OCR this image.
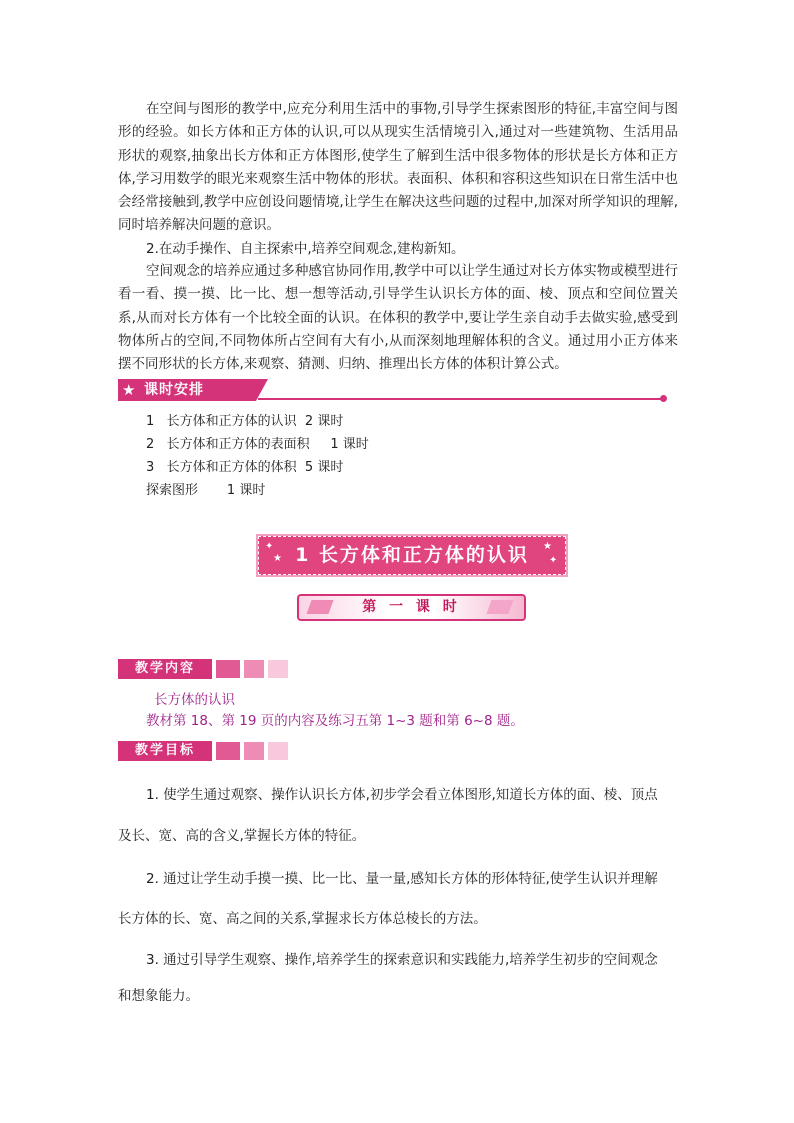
在空间与图形的教学中,应充分利用生活中的事物,引导学生探索图形的特征,丰富空间与图形的经验。如长方体和正方体的认识,可以从现实生活情境引入,通过对一些建筑物、生活用品形状的观察,抽象出长方体和正方体图形,使学生了解到生活中很多物体的形状是长方体和正方体,学习用数学的眼光来观察生活中物体的形状。表面积、体积和容积这些知识在日常生活中也会经常接触到,教学中应创设问题情境,让学生在解决这些问题的过程中,加深对所学知识的理解,同时培养解决问题的意识。

2.在动手操作、自主探索中,培养空间观念,建构新知。

空间观念的培养应通过多种感官协同作用,教学中可以让学生通过对长方体实物或模型进行看一看、摸一摸、比一比、想一想等活动,引导学生认识长方体的面、棱、顶点和空间位置关系,从而对长方体有一个比较全面的认识。在体积的教学中,要让学生亲自动手去做实验,感受到物体所占的空间,不同物体所占空间有大有小,从而深刻地理解体积的含义。通过用小正方体来摆不同形状的长方体,来观察、猜测、归纳、推理出长方体的体积计算公式。

★ 课时安排
1   长方体和正方体的认识  2 课时
2   长方体和正方体的表面积     1 课时
3   长方体和正方体的体积  5 课时
探索图形       1 课时
✦
★
★
✦
1 长方体和正方体的认识
第 一 课 时
教学内容
长方体的认识
教材第 18、第 19 页的内容及练习五第 1~3 题和第 6~8 题。
教学目标
1. 使学生通过观察、操作认识长方体,初步学会看立体图形,知道长方体的面、棱、顶点
及长、宽、高的含义,掌握长方体的特征。
2. 通过让学生动手摸一摸、比一比、量一量,感知长方体的形体特征,使学生认识并理解
长方体的长、宽、高之间的关系,掌握求长方体总棱长的方法。
3. 通过引导学生观察、操作,培养学生的探索意识和实践能力,培养学生初步的空间观念
和想象能力。
